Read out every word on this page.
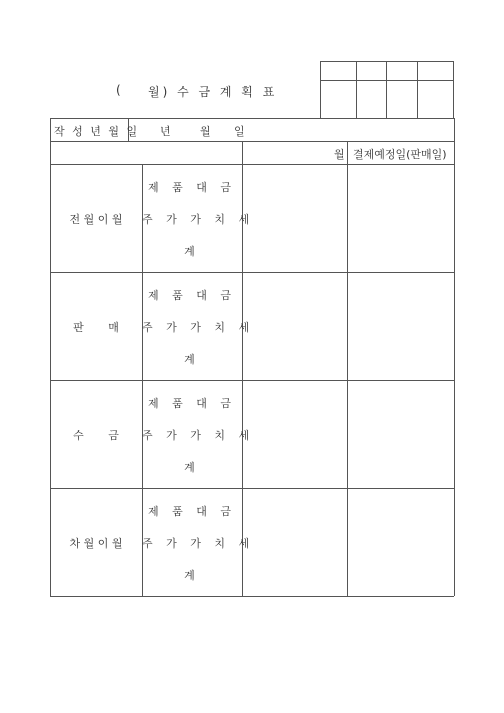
( 월) 수 금 계 획 표
작 성 년 월 일 년	월 일
월 결제예정일(판매일)
전 월 이 월
제 품 대 금
주 가 가 치 세
계
판       매
제 품 대 금
주 가 가 치 세
계
수       금
제 품 대 금
주 가 가 치 세
계
차 월 이 월
제 품 대 금
주 가 가 치 세
계
